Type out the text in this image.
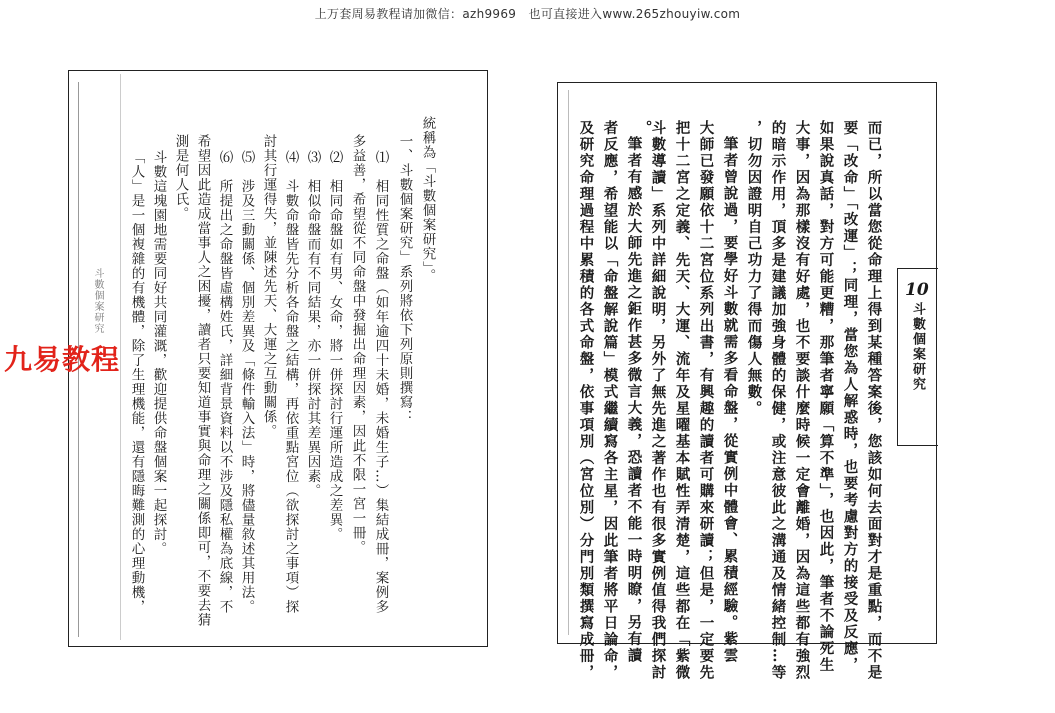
上万套周易教程请加微信：azh9969　也可直接进入www.265zhouyiw.com
斗數個案研究	10
斗數個案研究
統稱為「斗數個案研究」。
一、斗數個案研究」系列將依下列原則撰寫：
⑴　相同性質之命盤（如年逾四十未婚，未婚生子…）集結成冊，案例多
多益善，希望從不同命盤中發掘出命理因素，因此不限一宮一冊。
⑵　相同命盤如有男、女命，將一併探討行運所造成之差異。
⑶　相似命盤而有不同結果，亦一併探討其差異因素。
⑷　斗數命盤皆先分析各命盤之結構，再依重點宮位（欲探討之事項）探
討其行運得失，並陳述先天、大運之互動關係。
⑸　涉及三動關係、個別差異及「條件輸入法」時，將儘量敘述其用法。
⑹　所提出之命盤皆虛構姓氏，詳細背景資料以不涉及隱私權為底線，不
希望因此造成當事人之困擾，讀者只要知道事實與命理之關係即可，不要去猜
測是何人氏。
斗數這塊園地需要同好共同灌溉，歡迎提供命盤個案一起探討。
「人」是一個複雜的有機體，除了生理機能，還有隱晦難測的心理動機，	而已，所以當您從命理上得到某種答案後，您該如何去面對才是重點，而不是
要「改命」「改運」；同理，當您為人解惑時，也要考慮對方的接受及反應，
如果說真話，對方可能更糟，那筆者寧願「算不準」，也因此，筆者不論死生
大事，因為那樣沒有好處，也不要談什麼時候一定會離婚，因為這些都有強烈
的暗示作用，頂多是建議加強身體的保健，或注意彼此之溝通及情緒控制…等
，切勿因證明自己功力了得而傷人無數。
筆者曾說過，要學好斗數就需多看命盤，從實例中體會、累積經驗。紫雲
大師已發願依十二宮位系列出書，有興趣的讀者可購來研讀；但是，一定要先
把十二宮之定義、先天、大運、流年及星曜基本賦性弄清楚，這些都在「紫微
斗數導讀」系列中詳細說明，另外了無先進之著作也有很多實例值得我們探討
。
筆者有感於大師先進之鉅作甚多微言大義，恐讀者不能一時明瞭，另有讀
者反應，希望能以「命盤解說篇」模式繼續寫各主星，因此筆者將平日論命，
及研究命理過程中累積的各式命盤，依事項別（宮位別）分門別類撰寫成冊，
九易教程
